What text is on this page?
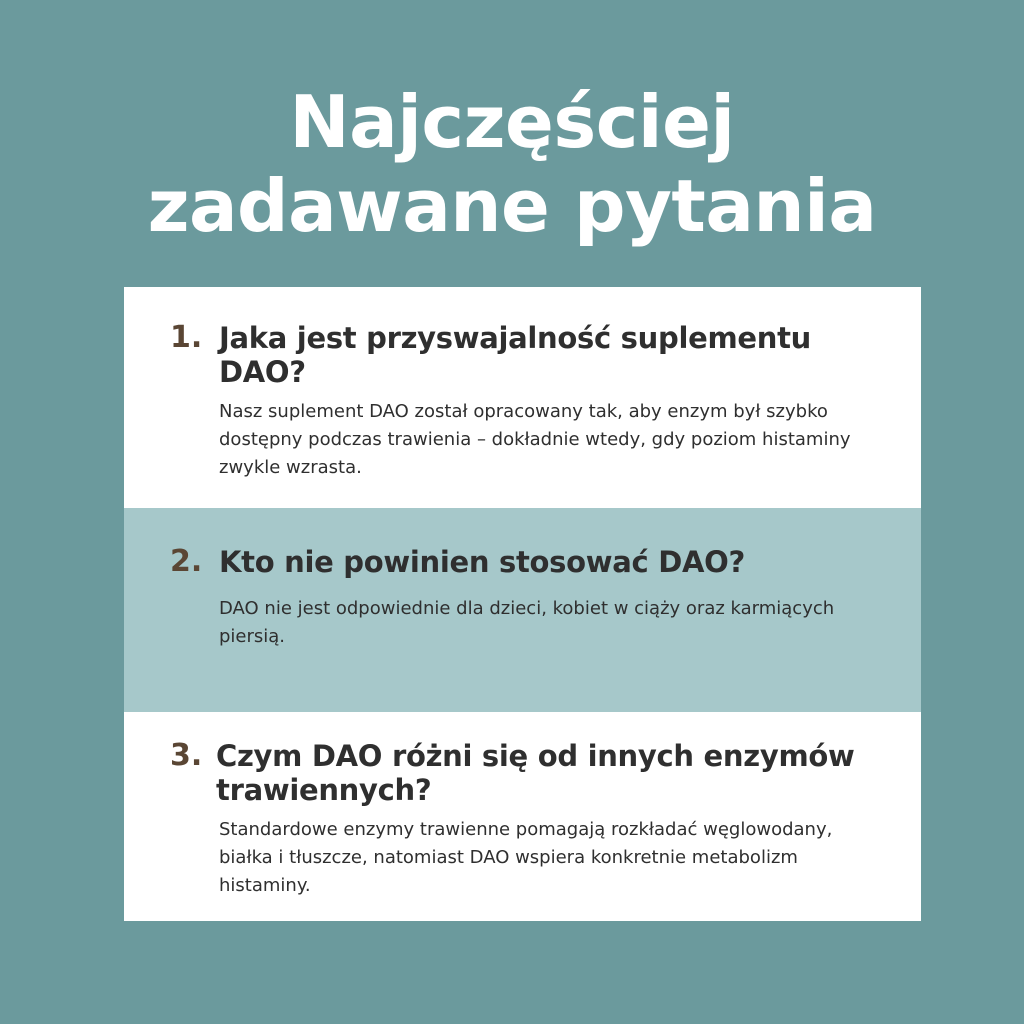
Najczęściej
zadawane pytania
1. Jaka jest przyswajalność suplementu DAO?

Nasz suplement DAO został opracowany tak, aby enzym był szybko dostępny podczas trawienia – dokładnie wtedy, gdy poziom histaminy zwykle wzrasta.

2. Kto nie powinien stosować DAO?

DAO nie jest odpowiednie dla dzieci, kobiet w ciąży oraz karmiących piersią.

3. Czym DAO różni się od innych enzymów trawiennych?

Standardowe enzymy trawienne pomagają rozkładać węglowodany, białka i tłuszcze, natomiast DAO wspiera konkretnie metabolizm histaminy.
